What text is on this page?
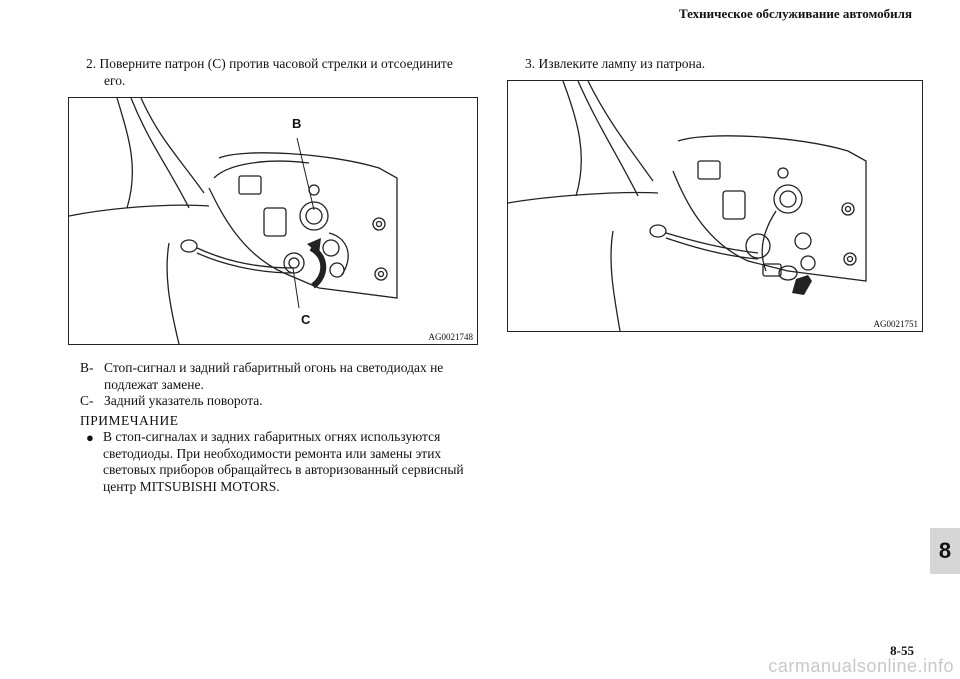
Техническое обслуживание автомобиля
2. Поверните патрон (C) против часовой стрелки и отсоедините
его.
3. Извлеките лампу из патрона.
B
C
AG0021748
AG0021751
B- Стоп-сигнал и задний габаритный огонь на светодиодах не
подлежат замене.
C- Задний указатель поворота.
ПРИМЕЧАНИЕ
● В стоп-сигналах и задних габаритных огнях используются
светодиоды. При необходимости ремонта или замены этих
световых приборов обращайтесь в авторизованный сервисный
центр MITSUBISHI MOTORS.
8
8-55
carmanualsonline.info
